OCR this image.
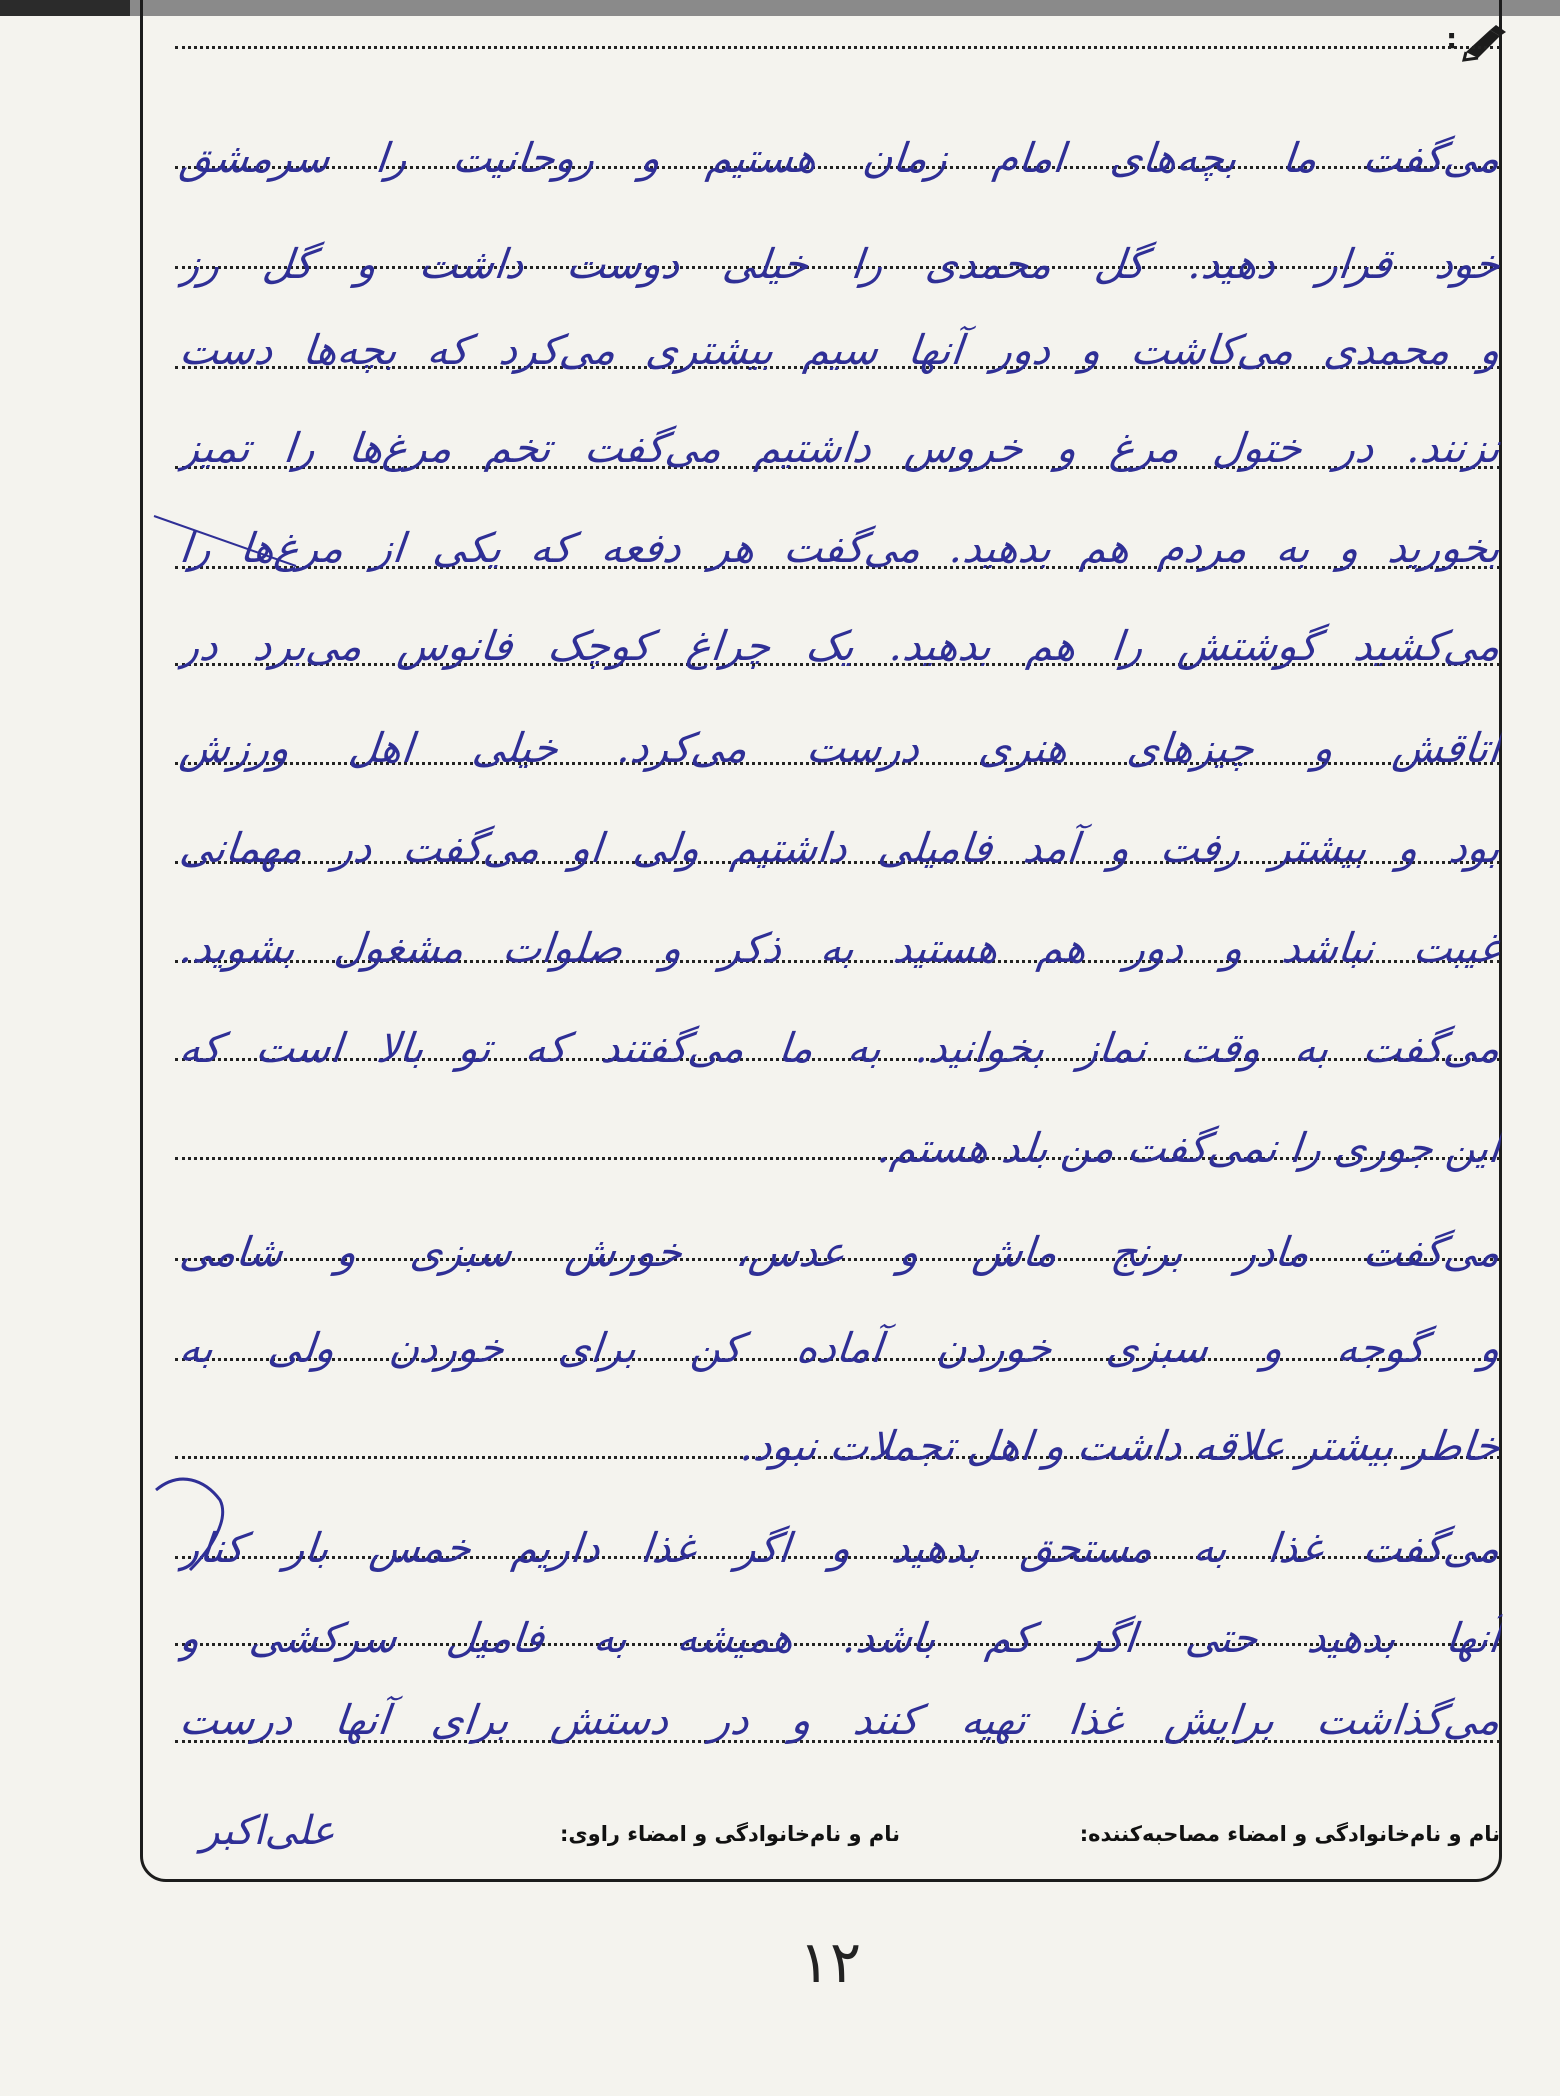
:
می‌گفت ما بچه‌های امام زمان هستیم و روحانیت را سرمشق
خود قرار دهید. گل محمدی را خیلی دوست داشت و گل رز
و محمدی می‌کاشت و دور آنها سیم بیشتری می‌کرد که بچه‌ها دست
نزنند. در ختول مرغ و خروس داشتیم می‌گفت تخم مرغ‌ها را تمیز
بخورید و به مردم هم بدهید. می‌گفت هر دفعه که یکی از مرغ‌ها را
می‌کشید گوشتش را هم بدهید. یک چراغ کوچک فانوس می‌برد در
اتاقش و چیزهای هنری درست می‌کرد. خیلی اهل ورزش
بود و بیشتر رفت و آمد فامیلی داشتیم ولی او می‌گفت در مهمانی
غیبت نباشد و دور هم هستید به ذکر و صلوات مشغول بشوید.
می‌گفت به وقت نماز بخوانید. به ما می‌گفتند که تو بالا است که
این جوری را نمی‌گفت من بلد هستم.
می‌گفت مادر برنج ماش و عدس، خورش سبزی و شامی
و گوجه و سبزی خوردن آماده کن برای خوردن ولی به
خاطر بیشتر علاقه داشت و اهل تجملات نبود.
می‌گفت غذا به مستحق بدهید و اگر غذا داریم خمس بار کنار
آنها بدهید حتی اگر کم باشد. همیشه به فامیل سرکشی و
می‌گذاشت برایش غذا تهیه کنند و در دستش برای آنها درست
نام و نام‌خانوادگی و امضاء مصاحبه‌کننده:
نام و نام‌خانوادگی و امضاء راوی:
علی‌اکبر
۱۲
